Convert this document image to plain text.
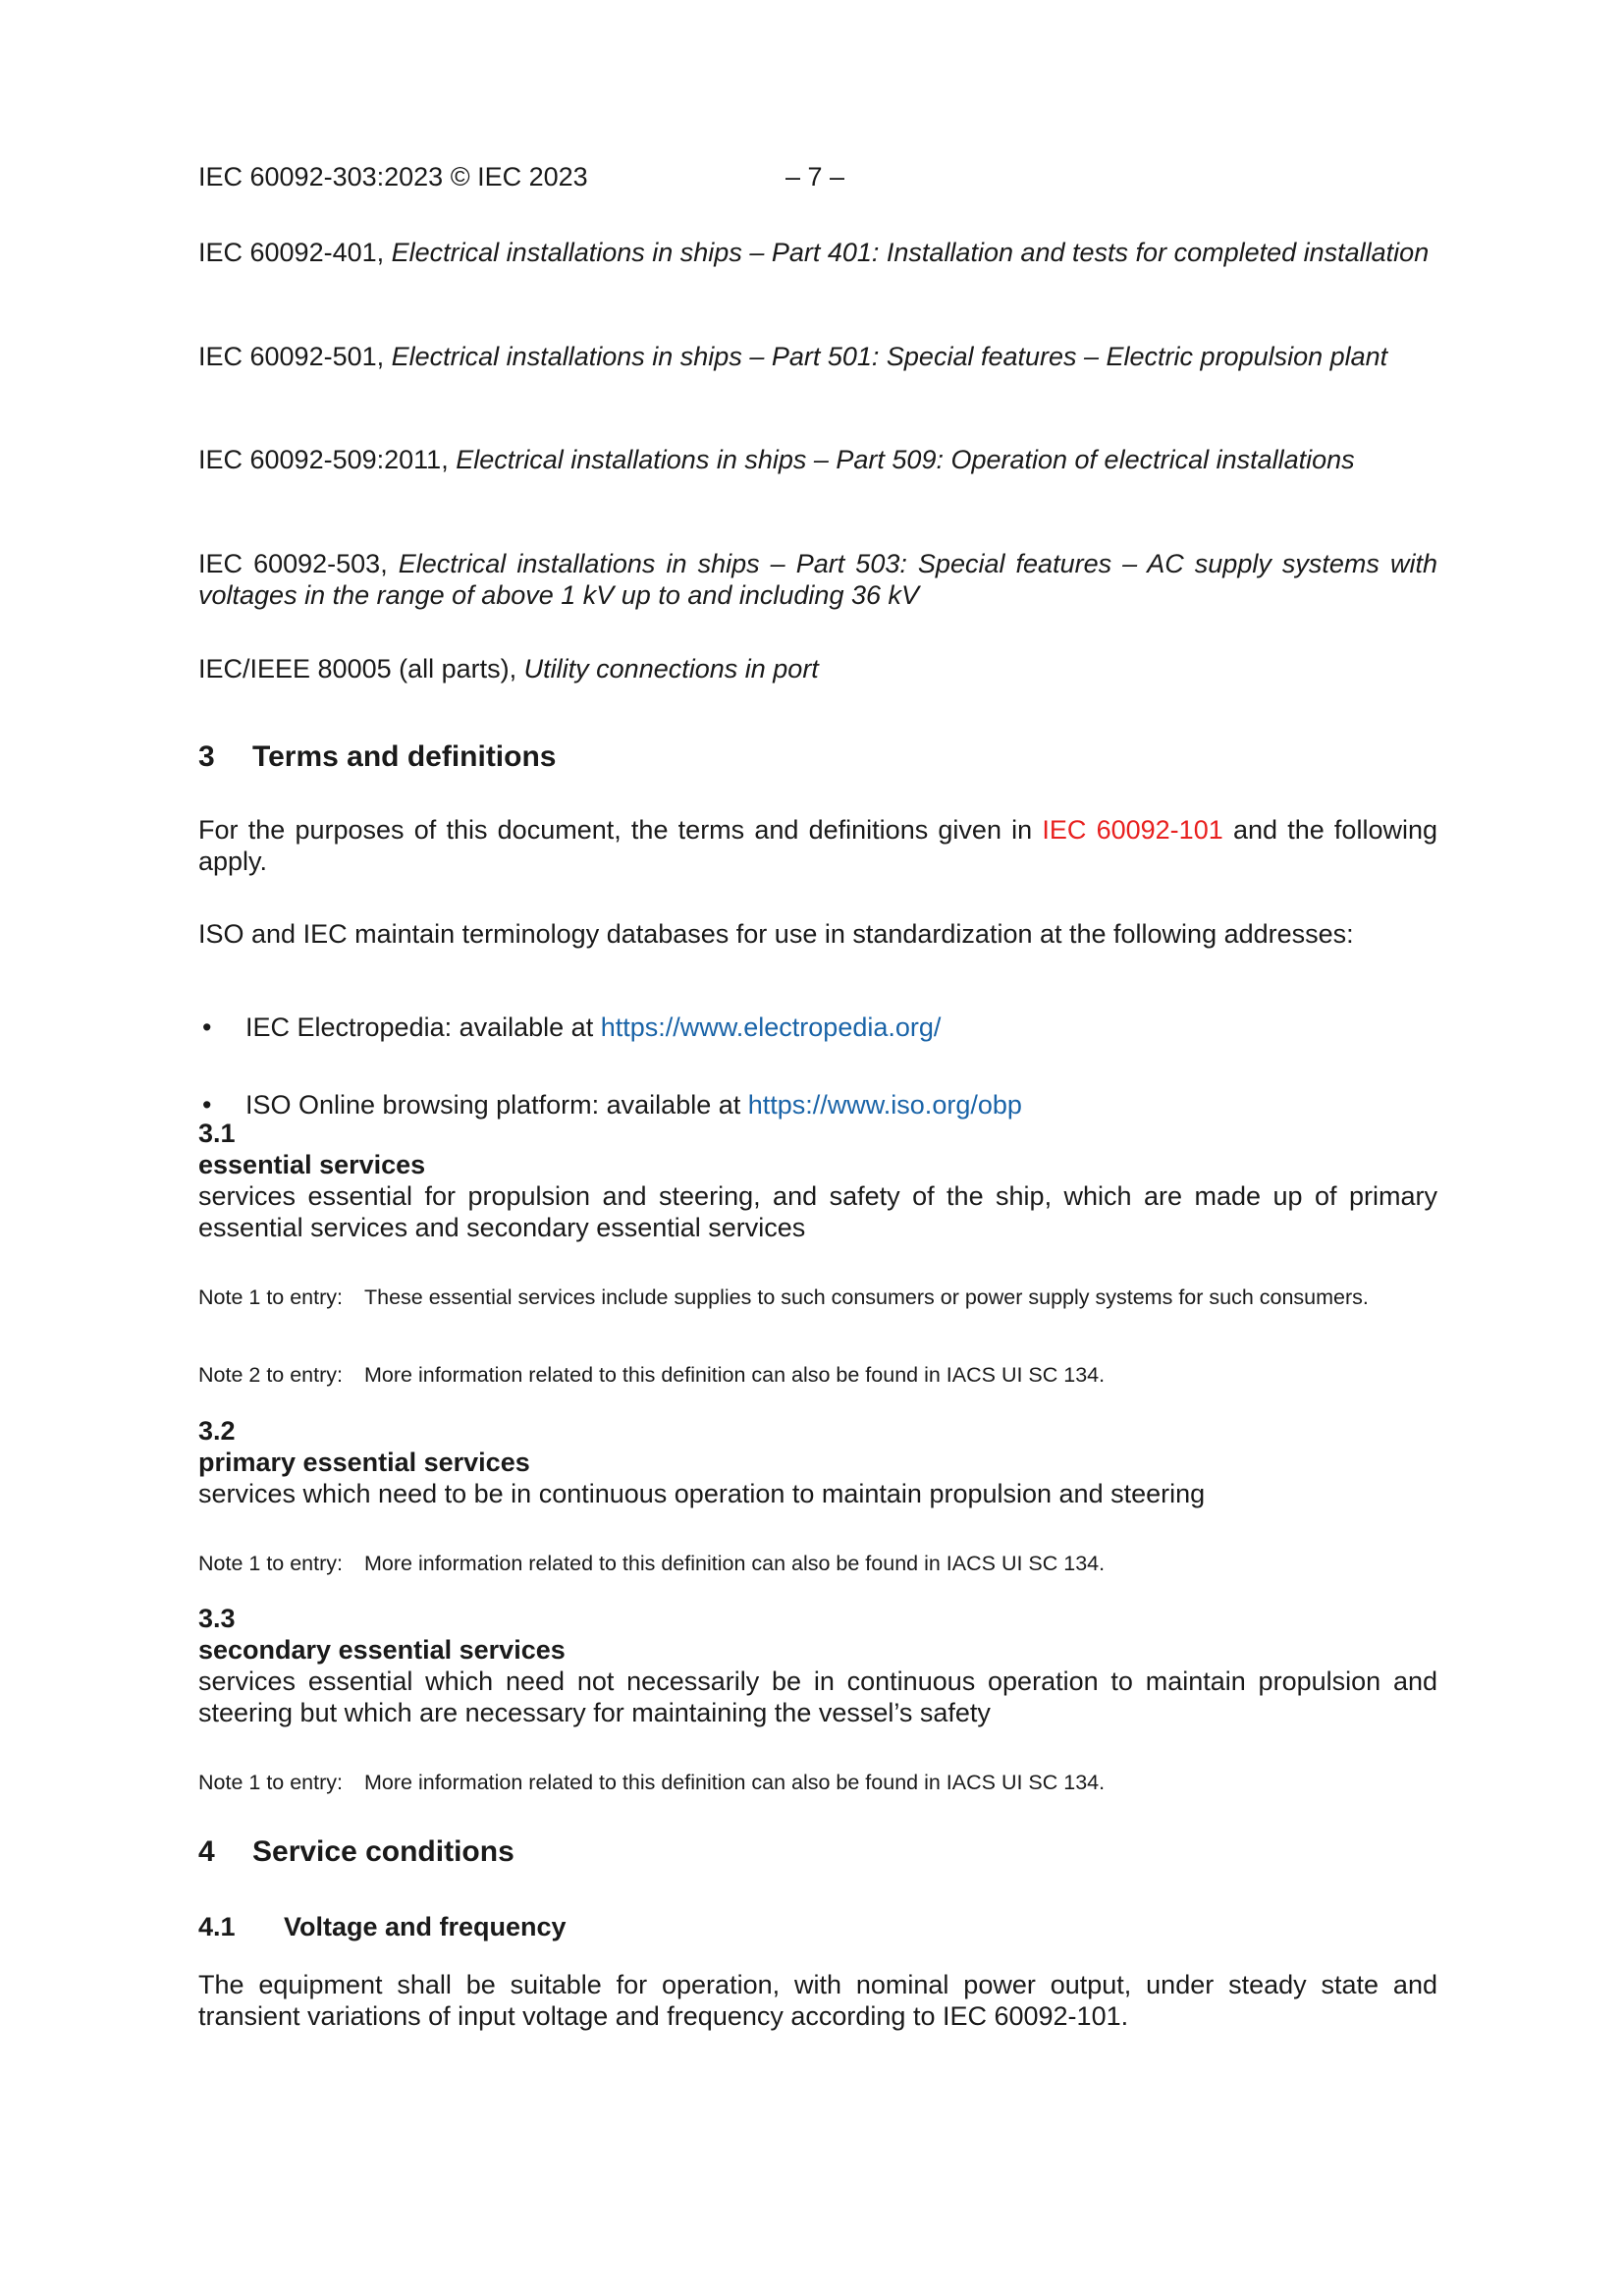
IEC 60092-303:2023 © IEC 2023	– 7 –
IEC 60092-401, Electrical installations in ships – Part 401: Installation and tests for completed installation
IEC 60092-501, Electrical installations in ships – Part 501: Special features – Electric propulsion plant
IEC 60092-509:2011, Electrical installations in ships – Part 509: Operation of electrical installations
IEC 60092-503, Electrical installations in ships – Part 503: Special features – AC supply systems with voltages in the range of above 1 kV up to and including 36 kV
IEC/IEEE 80005 (all parts), Utility connections in port
3 Terms and definitions
For the purposes of this document, the terms and definitions given in IEC 60092-101 and the following apply.
ISO and IEC maintain terminology databases for use in standardization at the following addresses:
• IEC Electropedia: available at https://www.electropedia.org/
• ISO Online browsing platform: available at https://www.iso.org/obp
3.1
essential services
services essential for propulsion and steering, and safety of the ship, which are made up of primary essential services and secondary essential services
Note 1 to entry: These essential services include supplies to such consumers or power supply systems for such consumers.
Note 2 to entry: More information related to this definition can also be found in IACS UI SC 134.
3.2
primary essential services
services which need to be in continuous operation to maintain propulsion and steering
Note 1 to entry: More information related to this definition can also be found in IACS UI SC 134.
3.3
secondary essential services
services essential which need not necessarily be in continuous operation to maintain propulsion and steering but which are necessary for maintaining the vessel’s safety
Note 1 to entry: More information related to this definition can also be found in IACS UI SC 134.
4 Service conditions
4.1 Voltage and frequency
The equipment shall be suitable for operation, with nominal power output, under steady state and transient variations of input voltage and frequency according to IEC 60092-101.
